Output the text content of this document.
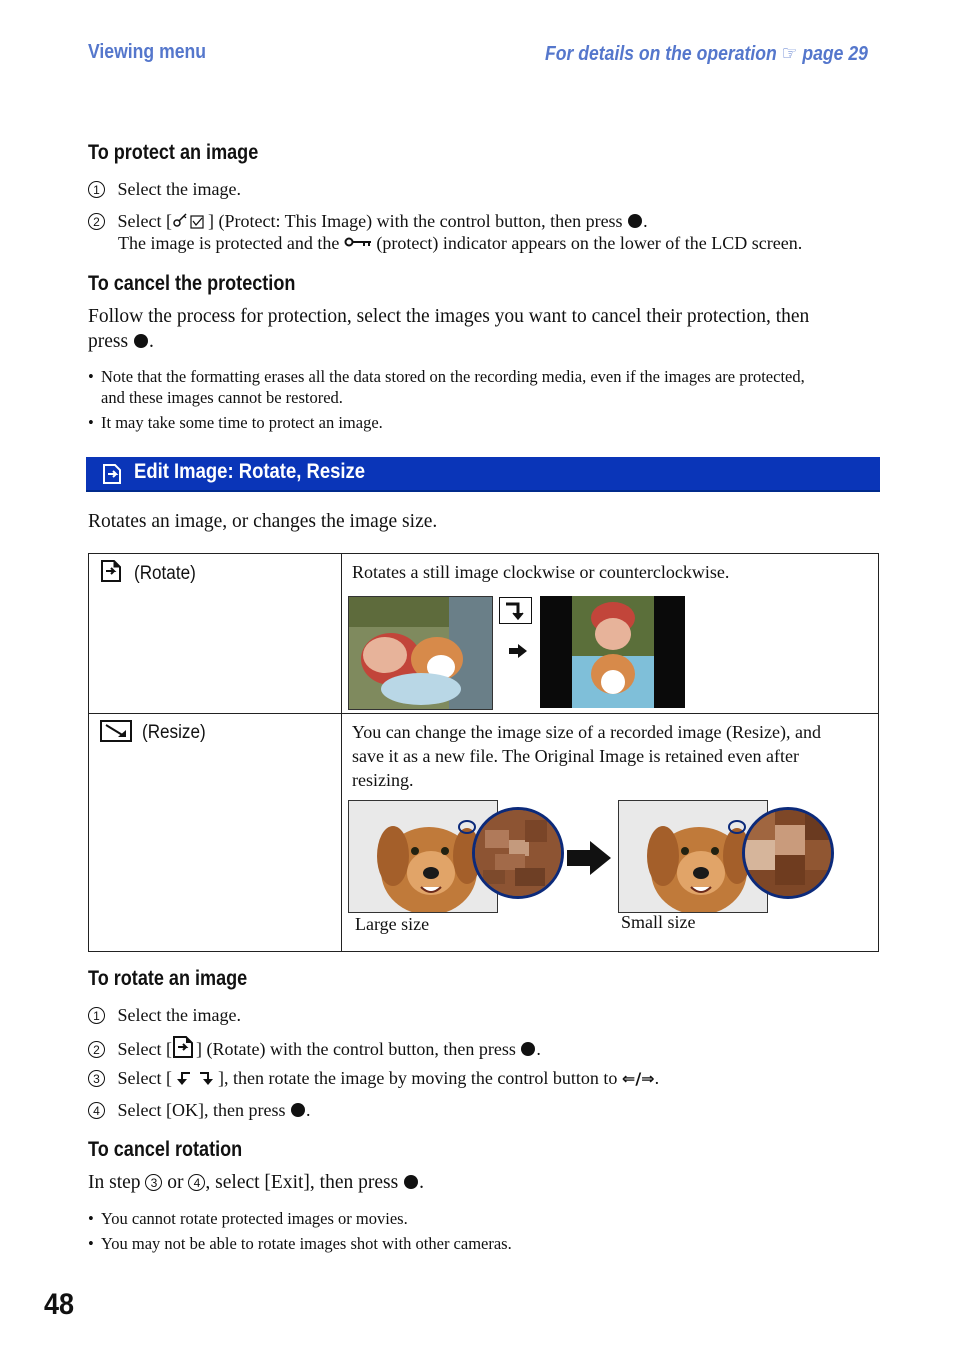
Viewing menu	For details on the operation ☞ page 29
To protect an image
1 Select the image.
2 Select [ ] (Protect: This Image) with the control button, then press .
The image is protected and the (protect) indicator appears on the lower of the LCD screen.
To cancel the protection
Follow the process for protection, select the images you want to cancel their protection, then
press .
• Note that the formatting erases all the data stored on the recording media, even if the images are protected,
and these images cannot be restored.
• It may take some time to protect an image.
Edit Image: Rotate, Resize
Rotates an image, or changes the image size.
(Rotate)	Rotates a still image clockwise or counterclockwise.
(Resize)	You can change the image size of a recorded image (Resize), and
save it as a new file. The Original Image is retained even after
resizing.
Large size	Small size
To rotate an image
1 Select the image.
2 Select [ ] (Rotate) with the control button, then press .
3 Select [	], then rotate the image by moving the control button to ⇐/⇒.
4 Select [OK], then press .
To cancel rotation
In step 3 or 4 , select [Exit], then press .
• You cannot rotate protected images or movies.
• You may not be able to rotate images shot with other cameras.
48
